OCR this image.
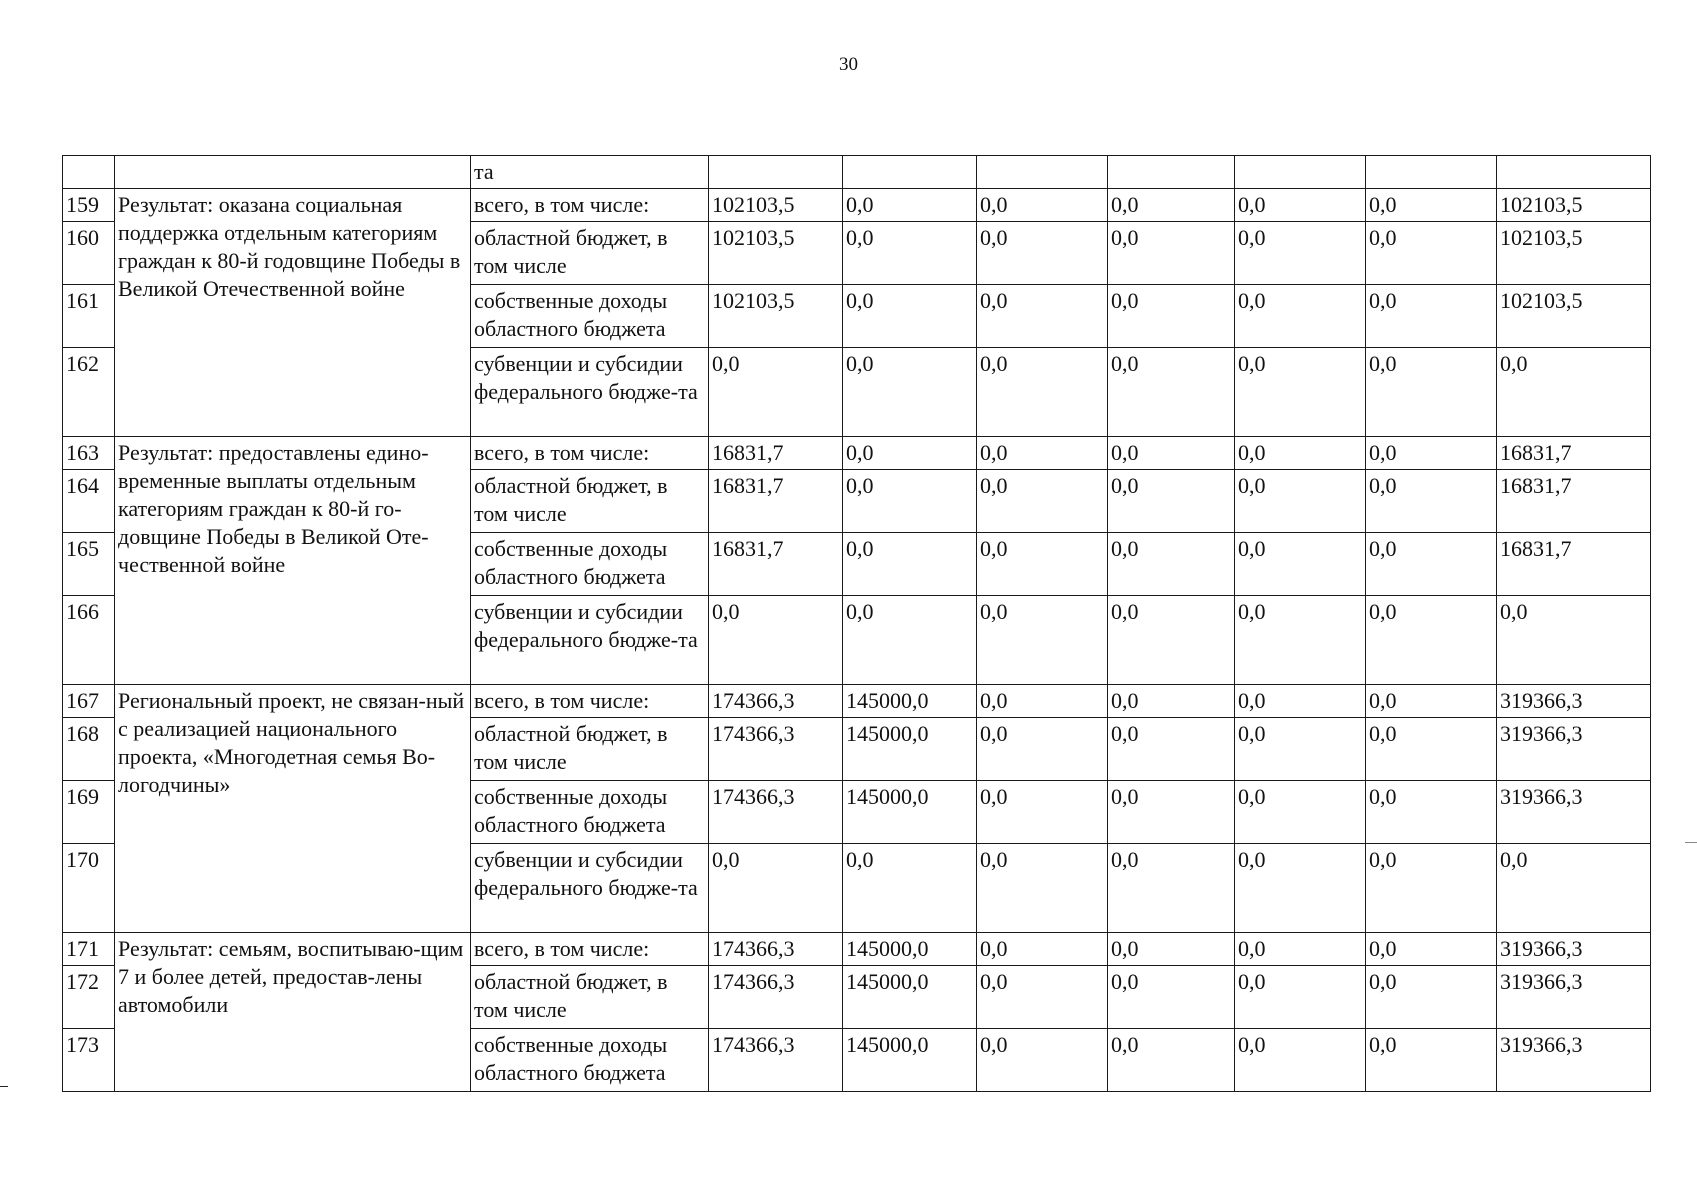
30
		та							
159	Результат: оказана социальная поддержка отдельным категориям граждан к 80-й годовщине Победы в Великой Отечественной войне	всего, в том числе:	102103,5	0,0	0,0	0,0	0,0	0,0	102103,5
160		областной бюджет, в том числе	102103,5	0,0	0,0	0,0	0,0	0,0	102103,5
161		собственные доходы областного бюджета	102103,5	0,0	0,0	0,0	0,0	0,0	102103,5
162		субвенции и субсидии федерального бюдже-та	0,0	0,0	0,0	0,0	0,0	0,0	0,0
163	Результат: предоставлены едино-временные выплаты отдельным категориям граждан к 80-й го-довщине Победы в Великой Оте-чественной войне	всего, в том числе:	16831,7	0,0	0,0	0,0	0,0	0,0	16831,7
164		областной бюджет, в том числе	16831,7	0,0	0,0	0,0	0,0	0,0	16831,7
165		собственные доходы областного бюджета	16831,7	0,0	0,0	0,0	0,0	0,0	16831,7
166		субвенции и субсидии федерального бюдже-та	0,0	0,0	0,0	0,0	0,0	0,0	0,0
167	Региональный проект, не связан-ный с реализацией национального проекта, «Многодетная семья Во-логодчины»	всего, в том числе:	174366,3	145000,0	0,0	0,0	0,0	0,0	319366,3
168		областной бюджет, в том числе	174366,3	145000,0	0,0	0,0	0,0	0,0	319366,3
169		собственные доходы областного бюджета	174366,3	145000,0	0,0	0,0	0,0	0,0	319366,3
170		субвенции и субсидии федерального бюдже-та	0,0	0,0	0,0	0,0	0,0	0,0	0,0
171	Результат: семьям, воспитываю-щим 7 и более детей, предостав-лены автомобили	всего, в том числе:	174366,3	145000,0	0,0	0,0	0,0	0,0	319366,3
172		областной бюджет, в том числе	174366,3	145000,0	0,0	0,0	0,0	0,0	319366,3
173		собственные доходы областного бюджета	174366,3	145000,0	0,0	0,0	0,0	0,0	319366,3
